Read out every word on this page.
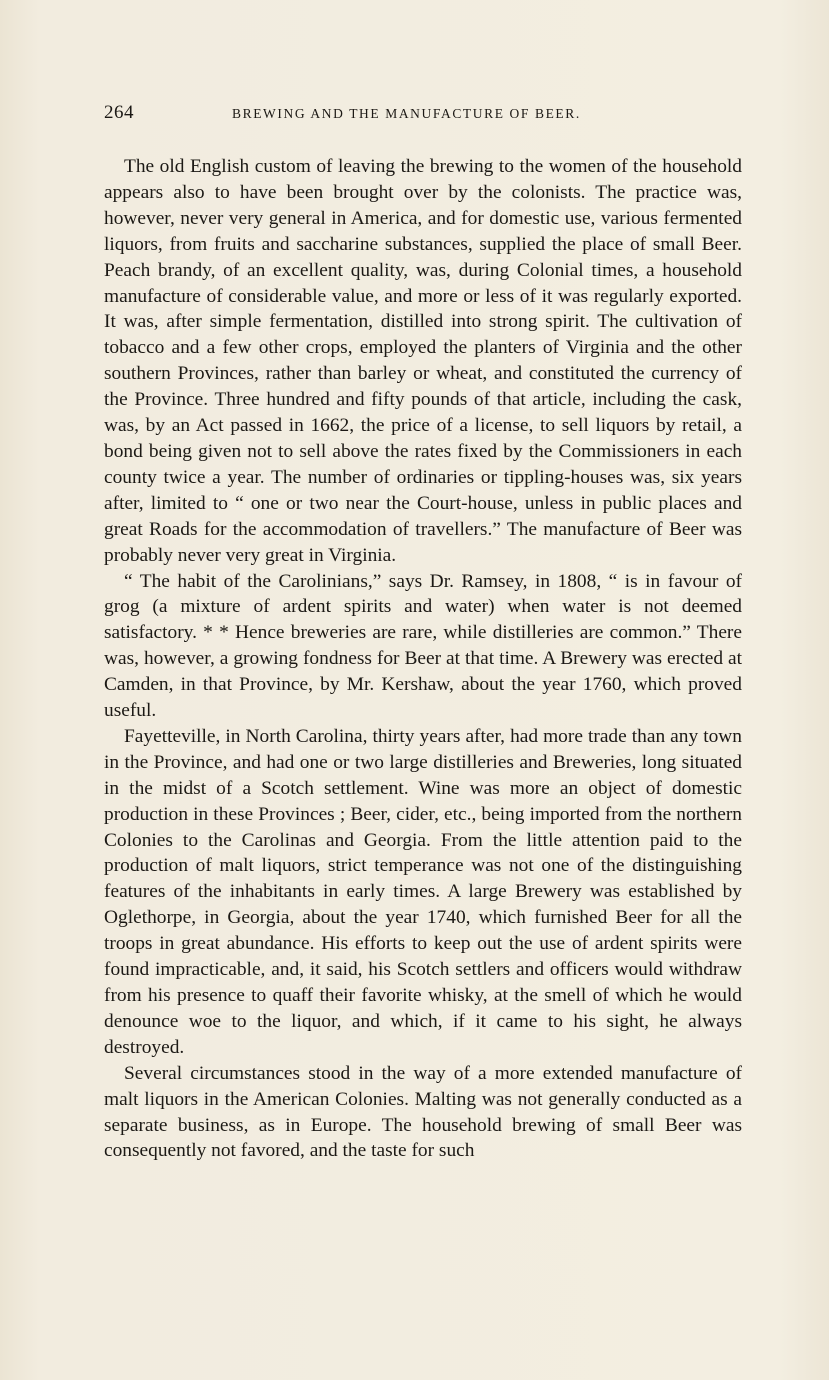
264	BREWING AND THE MANUFACTURE OF BEER.

The old English custom of leaving the brewing to the women of the household appears also to have been brought over by the colonists. The practice was, however, never very general in America, and for domestic use, various fermented liquors, from fruits and saccharine substances, supplied the place of small Beer. Peach brandy, of an excellent quality, was, during Colonial times, a household manufacture of considerable value, and more or less of it was regularly exported. It was, after simple fermentation, distilled into strong spirit. The cultivation of tobacco and a few other crops, employed the planters of Virginia and the other southern Provinces, rather than barley or wheat, and constituted the currency of the Province. Three hundred and fifty pounds of that article, including the cask, was, by an Act passed in 1662, the price of a license, to sell liquors by retail, a bond being given not to sell above the rates fixed by the Commissioners in each county twice a year. The number of ordinaries or tippling-houses was, six years after, limited to “ one or two near the Court-house, unless in public places and great Roads for the accommodation of travellers.” The manufacture of Beer was probably never very great in Virginia.

“ The habit of the Carolinians,” says Dr. Ramsey, in 1808, “ is in favour of grog (a mixture of ardent spirits and water) when water is not deemed satisfactory. * * Hence breweries are rare, while distilleries are common.” There was, however, a growing fondness for Beer at that time. A Brewery was erected at Camden, in that Province, by Mr. Kershaw, about the year 1760, which proved useful.

Fayetteville, in North Carolina, thirty years after, had more trade than any town in the Province, and had one or two large distilleries and Breweries, long situated in the midst of a Scotch settlement. Wine was more an object of domestic production in these Provinces ; Beer, cider, etc., being imported from the northern Colonies to the Carolinas and Georgia. From the little attention paid to the production of malt liquors, strict temperance was not one of the distinguishing features of the inhabitants in early times. A large Brewery was established by Oglethorpe, in Georgia, about the year 1740, which furnished Beer for all the troops in great abundance. His efforts to keep out the use of ardent spirits were found impracticable, and, it said, his Scotch settlers and officers would withdraw from his presence to quaff their favorite whisky, at the smell of which he would denounce woe to the liquor, and which, if it came to his sight, he always destroyed.

Several circumstances stood in the way of a more extended manufacture of malt liquors in the American Colonies. Malting was not generally conducted as a separate business, as in Europe. The household brewing of small Beer was consequently not favored, and the taste for such
